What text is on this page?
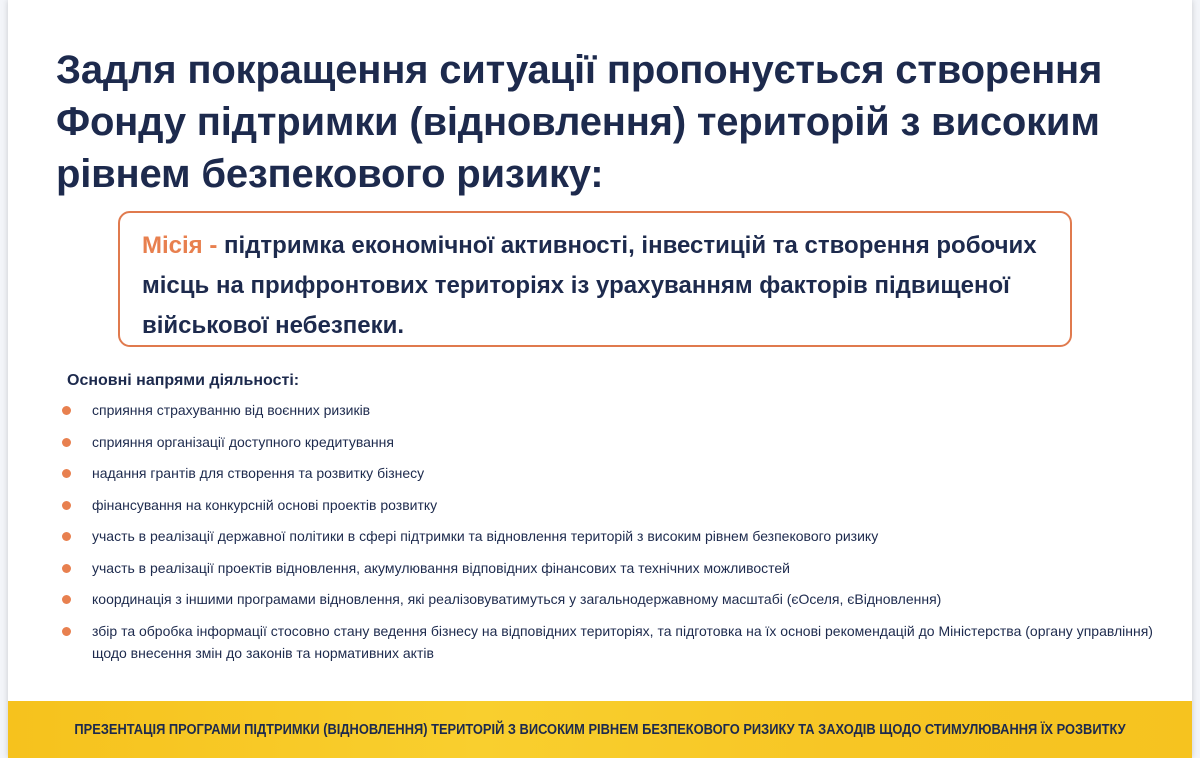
Задля покращення ситуації пропонується створення Фонду підтримки (відновлення) територій з високим рівнем безпекового ризику:
Місія - підтримка економічної активності, інвестицій та створення робочих місць на прифронтових територіях із урахуванням факторів підвищеної військової небезпеки.

Основні напрями діяльності:

сприяння страхуванню від воєнних ризиків
сприяння організації доступного кредитування
надання грантів для створення та розвитку бізнесу
фінансування на конкурсній основі проектів розвитку
участь в реалізації державної політики в сфері підтримки та відновлення територій з високим рівнем безпекового ризику
участь в реалізації проектів відновлення, акумулювання відповідних фінансових та технічних можливостей
координація з іншими програмами відновлення, які реалізовуватимуться у загальнодержавному масштабі (єОселя, єВідновлення)
збір та обробка інформації стосовно стану ведення бізнесу на відповідних територіях, та підготовка на їх основі рекомендацій до Міністерства (органу управління) щодо внесення змін до законів та нормативних актів
ПРЕЗЕНТАЦІЯ ПРОГРАМИ ПІДТРИМКИ (ВІДНОВЛЕННЯ) ТЕРИТОРІЙ З ВИСОКИМ РІВНЕМ БЕЗПЕКОВОГО РИЗИКУ ТА ЗАХОДІВ ЩОДО СТИМУЛЮВАННЯ ЇХ РОЗВИТКУ
